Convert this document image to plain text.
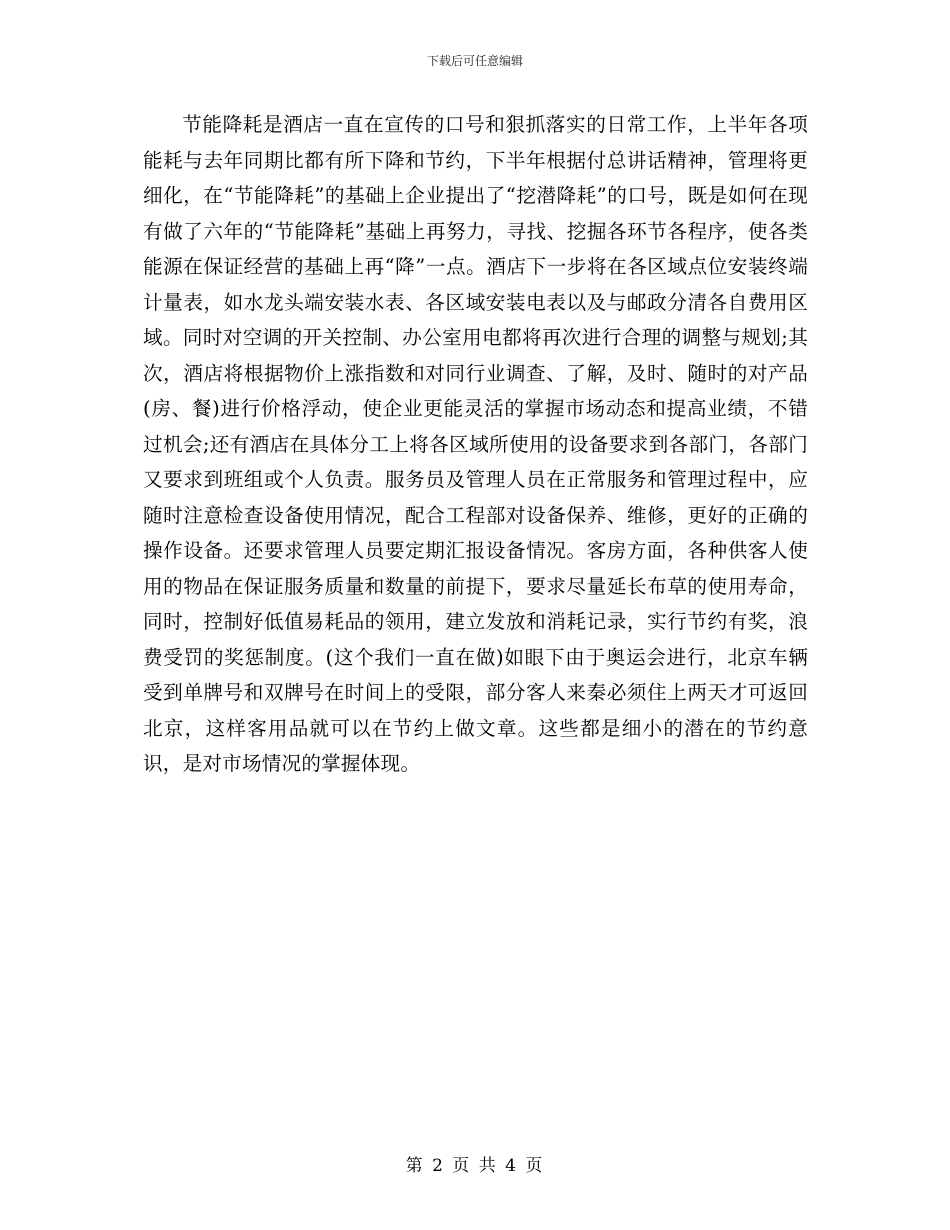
下载后可任意编辑

节能降耗是酒店一直在宣传的口号和狠抓落实的日常工作，上半年各项能耗与去年同期比都有所下降和节约，下半年根据付总讲话精神，管理将更细化，在“节能降耗”的基础上企业提出了“挖潜降耗”的口号，既是如何在现有做了六年的“节能降耗”基础上再努力，寻找、挖掘各环节各程序，使各类能源在保证经营的基础上再“降”一点。酒店下一步将在各区域点位安装终端计量表，如水龙头端安装水表、各区域安装电表以及与邮政分清各自费用区域。同时对空调的开关控制、办公室用电都将再次进行合理的调整与规划;其次，酒店将根据物价上涨指数和对同行业调查、了解，及时、随时的对产品(房、餐)进行价格浮动，使企业更能灵活的掌握市场动态和提高业绩，不错过机会;还有酒店在具体分工上将各区域所使用的设备要求到各部门，各部门又要求到班组或个人负责。服务员及管理人员在正常服务和管理过程中，应随时注意检查设备使用情况，配合工程部对设备保养、维修，更好的正确的操作设备。还要求管理人员要定期汇报设备情况。客房方面，各种供客人使用的物品在保证服务质量和数量的前提下，要求尽量延长布草的使用寿命，同时，控制好低值易耗品的领用，建立发放和消耗记录，实行节约有奖，浪费受罚的奖惩制度。(这个我们一直在做)如眼下由于奥运会进行，北京车辆受到单牌号和双牌号在时间上的受限，部分客人来秦必须住上两天才可返回北京，这样客用品就可以在节约上做文章。这些都是细小的潜在的节约意识，是对市场情况的掌握体现。

第 2 页 共 4 页
